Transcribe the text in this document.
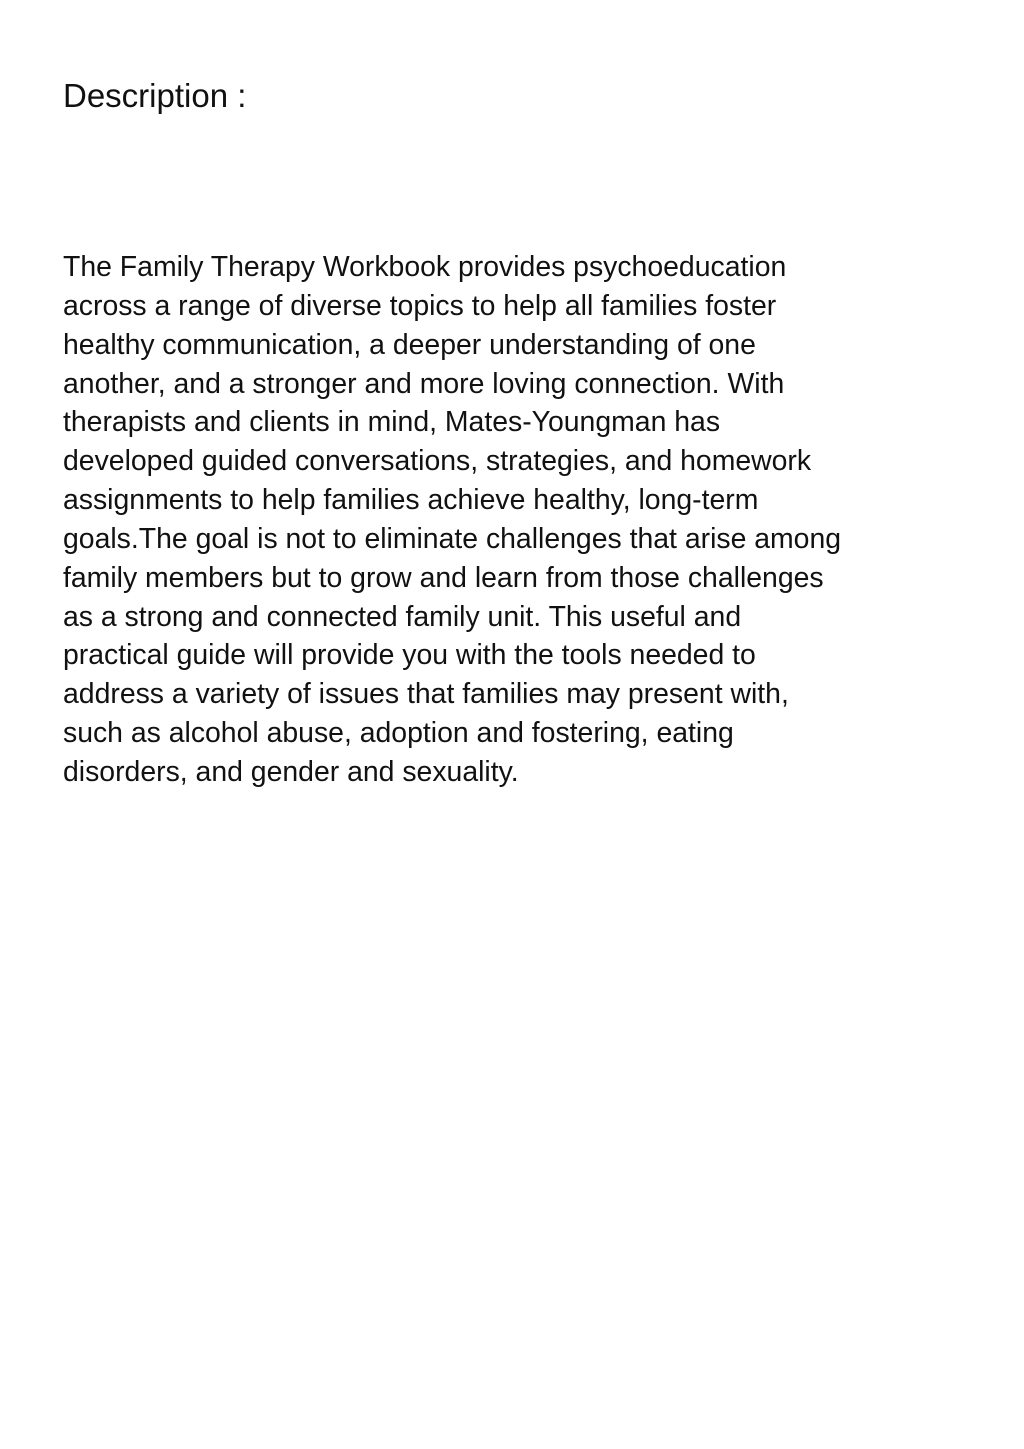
Description :
The Family Therapy Workbook provides psychoeducation
across a range of diverse topics to help all families foster
healthy communication, a deeper understanding of one
another, and a stronger and more loving connection. With
therapists and clients in mind, Mates-Youngman has
developed guided conversations, strategies, and homework
assignments to help families achieve healthy, long-term
goals.The goal is not to eliminate challenges that arise among
family members but to grow and learn from those challenges
as a strong and connected family unit. This useful and
practical guide will provide you with the tools needed to
address a variety of issues that families may present with,
such as alcohol abuse, adoption and fostering, eating
disorders, and gender and sexuality.
